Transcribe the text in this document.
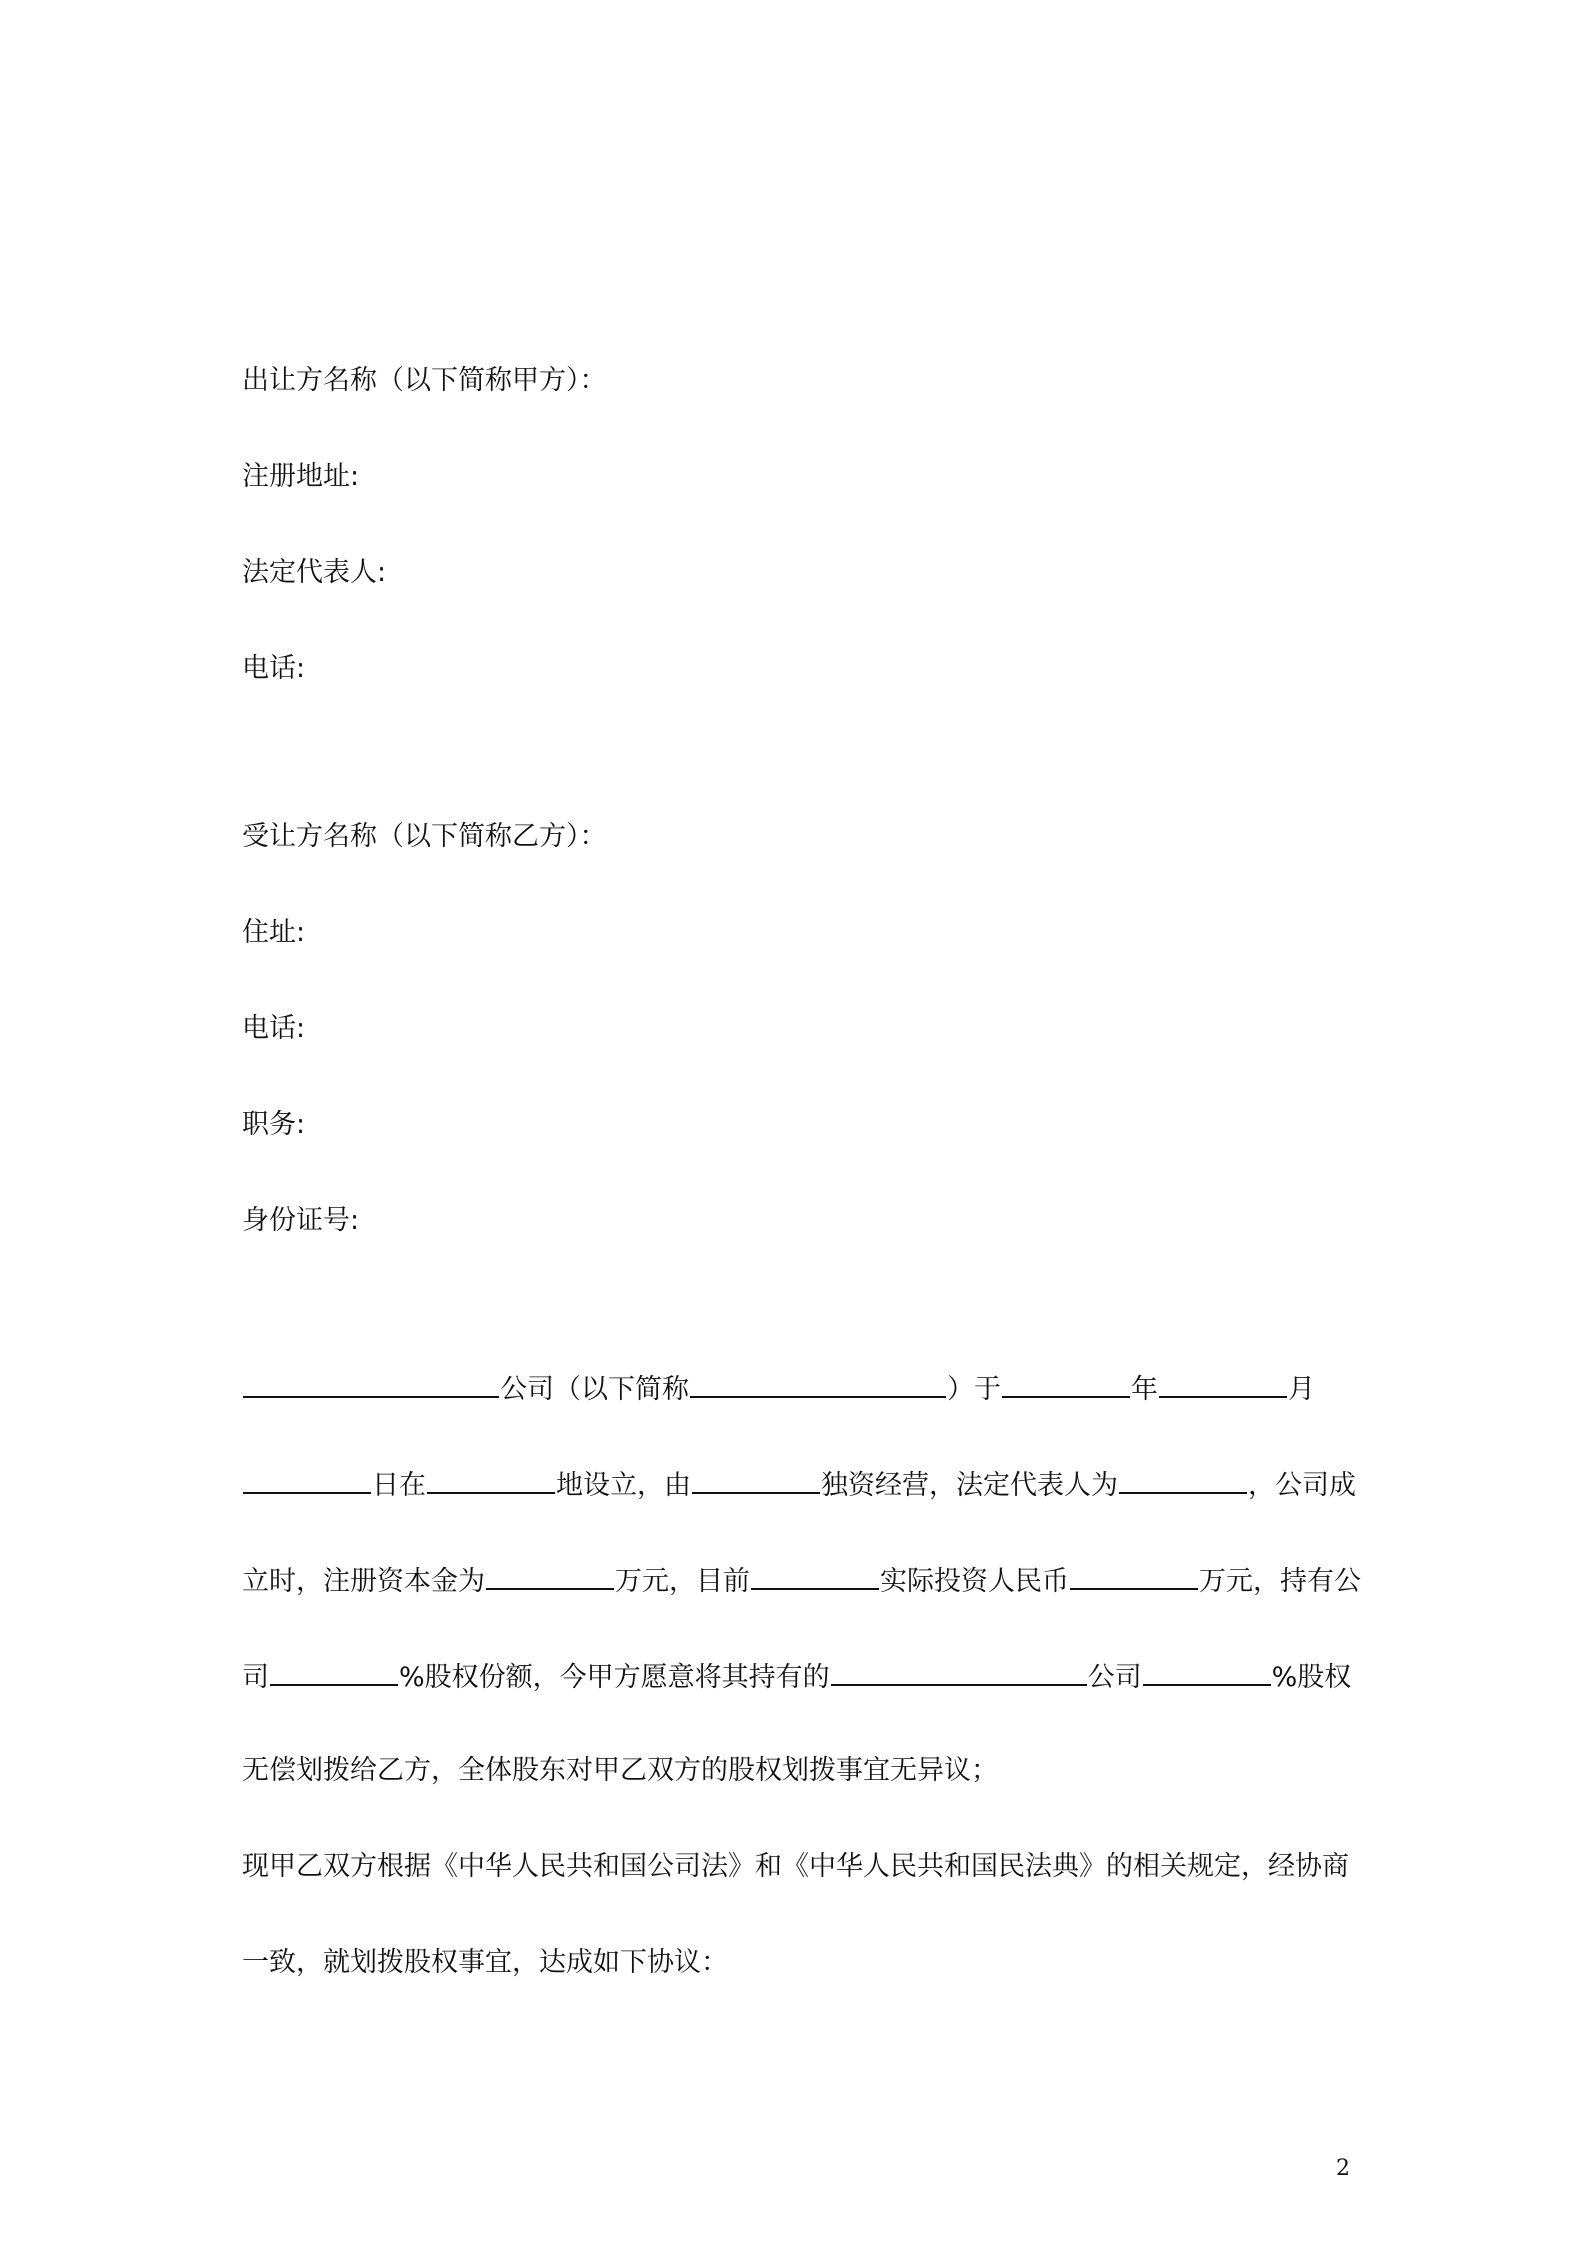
出让方名称（以下简称甲方）：
注册地址:
法定代表人:
电话:
受让方名称（以下简称乙方）：
住址:
电话:
职务:
身份证号:
公司（以下简称	）于	年	月
日在	地设立，由	独资经营，法定代表人为	，公司成
立时，注册资本金为	万元，目前	实际投资人民币	万元，持有公
司	%股权份额，今甲方愿意将其持有的	公司	%股权
无偿划拨给乙方，全体股东对甲乙双方的股权划拨事宜无异议；
现甲乙双方根据《中华人民共和国公司法》和《中华人民共和国民法典》的相关规定，经协商
一致，就划拨股权事宜，达成如下协议：
2
